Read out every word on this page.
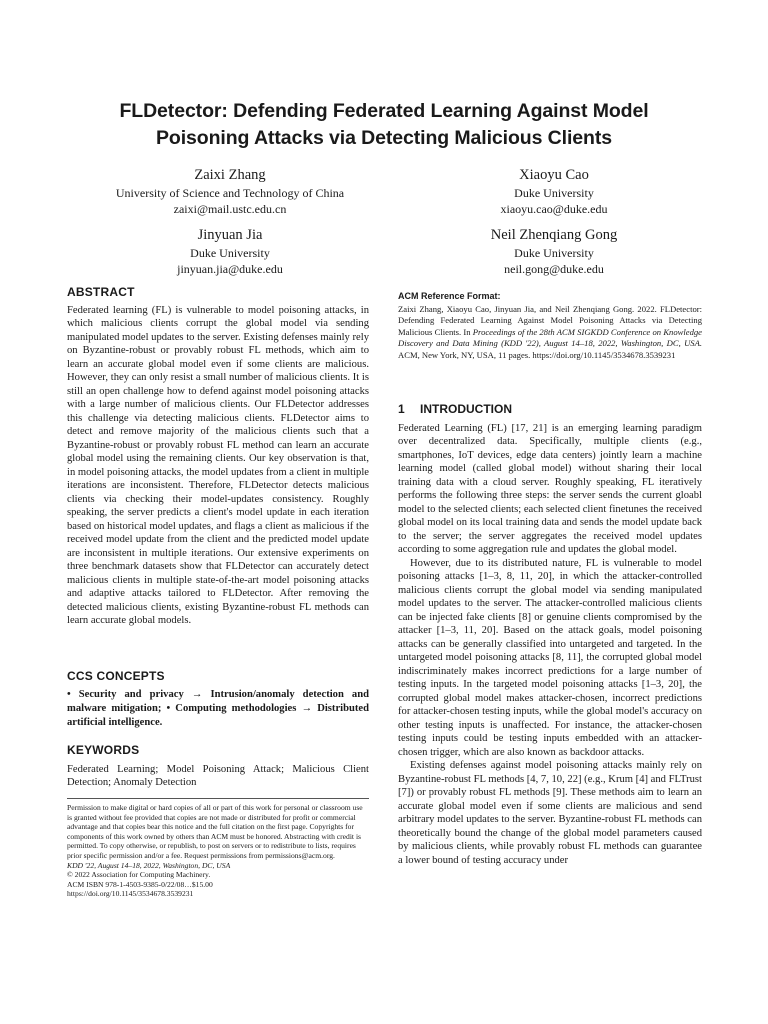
FLDetector: Defending Federated Learning Against Model
Poisoning Attacks via Detecting Malicious Clients
Zaixi Zhang
University of Science and Technology of China
zaixi@mail.ustc.edu.cn
Xiaoyu Cao
Duke University
xiaoyu.cao@duke.edu
Jinyuan Jia
Duke University
jinyuan.jia@duke.edu
Neil Zhenqiang Gong
Duke University
neil.gong@duke.edu
ABSTRACT

Federated learning (FL) is vulnerable to model poisoning attacks, in which malicious clients corrupt the global model via sending manipulated model updates to the server. Existing defenses mainly rely on Byzantine-robust or provably robust FL methods, which aim to learn an accurate global model even if some clients are malicious. However, they can only resist a small number of malicious clients. It is still an open challenge how to defend against model poisoning attacks with a large number of malicious clients. Our FLDetector addresses this challenge via detecting malicious clients. FLDetector aims to detect and remove majority of the malicious clients such that a Byzantine-robust or provably robust FL method can learn an accurate global model using the remaining clients. Our key observation is that, in model poisoning attacks, the model updates from a client in multiple iterations are inconsistent. Therefore, FLDetector detects malicious clients via checking their model-updates consistency. Roughly speaking, the server predicts a client's model update in each iteration based on historical model updates, and flags a client as malicious if the received model update from the client and the predicted model update are inconsistent in multiple iterations. Our extensive experiments on three benchmark datasets show that FLDetector can accurately detect malicious clients in multiple state-of-the-art model poisoning attacks and adaptive attacks tailored to FLDetector. After removing the detected malicious clients, existing Byzantine-robust FL methods can learn accurate global models.

CCS CONCEPTS

• Security and privacy → Intrusion/anomaly detection and malware mitigation; • Computing methodologies → Distributed artificial intelligence.

KEYWORDS

Federated Learning; Model Poisoning Attack; Malicious Client Detection; Anomaly Detection

Permission to make digital or hard copies of all or part of this work for personal or classroom use is granted without fee provided that copies are not made or distributed for profit or commercial advantage and that copies bear this notice and the full citation on the first page. Copyrights for components of this work owned by others than ACM must be honored. Abstracting with credit is permitted. To copy otherwise, or republish, to post on servers or to redistribute to lists, requires prior specific permission and/or a fee. Request permissions from permissions@acm.org.
KDD '22, August 14–18, 2022, Washington, DC, USA
© 2022 Association for Computing Machinery.
ACM ISBN 978-1-4503-9385-0/22/08…$15.00
https://doi.org/10.1145/3534678.3539231
ACM Reference Format:

Zaixi Zhang, Xiaoyu Cao, Jinyuan Jia, and Neil Zhenqiang Gong. 2022. FLDetector: Defending Federated Learning Against Model Poisoning Attacks via Detecting Malicious Clients. In Proceedings of the 28th ACM SIGKDD Conference on Knowledge Discovery and Data Mining (KDD '22), August 14–18, 2022, Washington, DC, USA. ACM, New York, NY, USA, 11 pages. https://doi.org/10.1145/3534678.3539231

1 INTRODUCTION

Federated Learning (FL) [17, 21] is an emerging learning paradigm over decentralized data. Specifically, multiple clients (e.g., smartphones, IoT devices, edge data centers) jointly learn a machine learning model (called global model) without sharing their local training data with a cloud server. Roughly speaking, FL iteratively performs the following three steps: the server sends the current gloabl model to the selected clients; each selected client finetunes the received global model on its local training data and sends the model update back to the server; the server aggregates the received model updates according to some aggregation rule and updates the global model.

However, due to its distributed nature, FL is vulnerable to model poisoning attacks [1–3, 8, 11, 20], in which the attacker-controlled malicious clients corrupt the global model via sending manipulated model updates to the server. The attacker-controlled malicious clients can be injected fake clients [8] or genuine clients compromised by the attacker [1–3, 11, 20]. Based on the attack goals, model poisoning attacks can be generally classified into untargeted and targeted. In the untargeted model poisoning attacks [8, 11], the corrupted global model indiscriminately makes incorrect predictions for a large number of testing inputs. In the targeted model poisoning attacks [1–3, 20], the corrupted global model makes attacker-chosen, incorrect predictions for attacker-chosen testing inputs, while the global model's accuracy on other testing inputs is unaffected. For instance, the attacker-chosen testing inputs could be testing inputs embedded with an attacker-chosen trigger, which are also known as backdoor attacks.

Existing defenses against model poisoning attacks mainly rely on Byzantine-robust FL methods [4, 7, 10, 22] (e.g., Krum [4] and FLTrust [7]) or provably robust FL methods [9]. These methods aim to learn an accurate global model even if some clients are malicious and send arbitrary model updates to the server. Byzantine-robust FL methods can theoretically bound the change of the global model parameters caused by malicious clients, while provably robust FL methods can guarantee a lower bound of testing accuracy under
